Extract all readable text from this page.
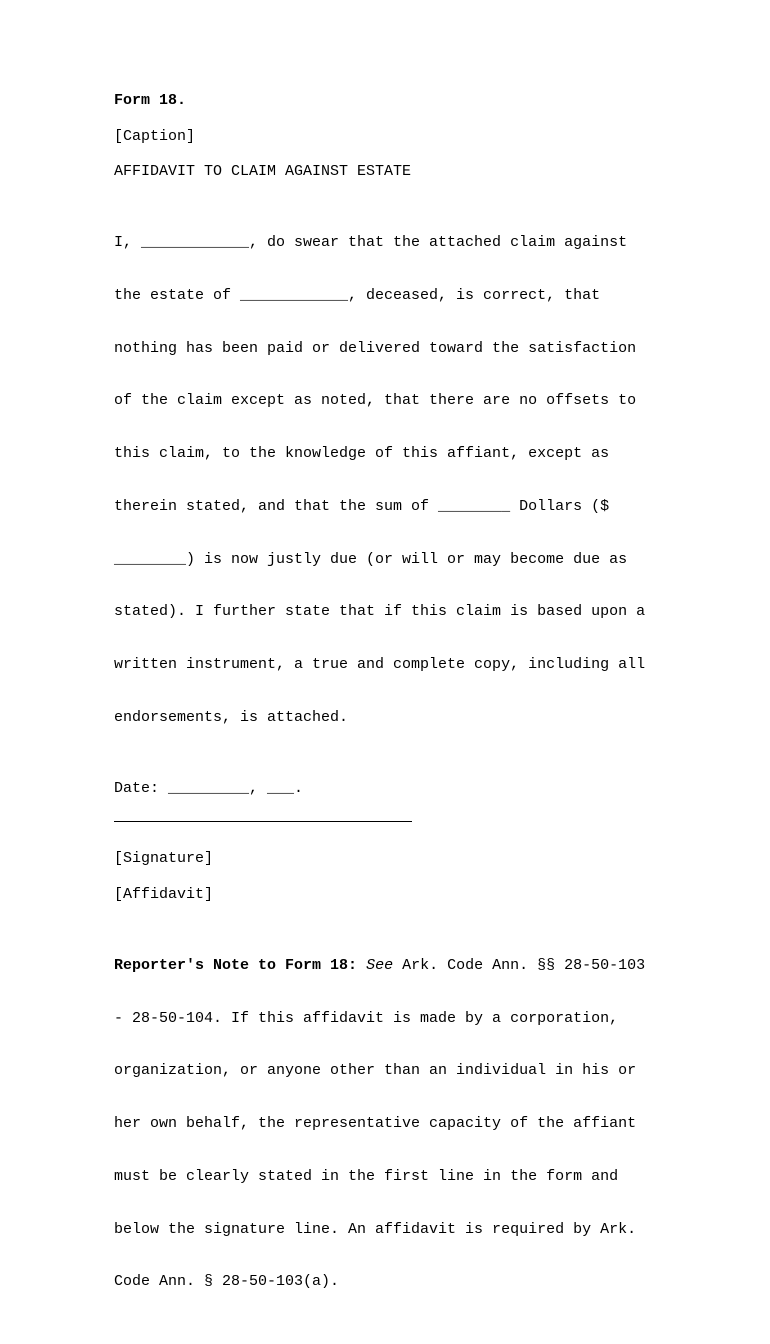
Form 18.

[Caption]

AFFIDAVIT TO CLAIM AGAINST ESTATE

I, ____________, do swear that the attached claim against

the estate of ____________, deceased, is correct, that

nothing has been paid or delivered toward the satisfaction

of the claim except as noted, that there are no offsets to

this claim, to the knowledge of this affiant, except as

therein stated, and that the sum of ________ Dollars ($

________) is now justly due (or will or may become due as

stated). I further state that if this claim is based upon a

written instrument, a true and complete copy, including all

endorsements, is attached.

Date: _________, ___.

[Signature]

[Affidavit]

Reporter's Note to Form 18: See Ark. Code Ann. §§ 28-50-103

- 28-50-104. If this affidavit is made by a corporation,

organization, or anyone other than an individual in his or

her own behalf, the representative capacity of the affiant

must be clearly stated in the first line in the form and

below the signature line. An affidavit is required by Ark.

Code Ann. § 28-50-103(a).
